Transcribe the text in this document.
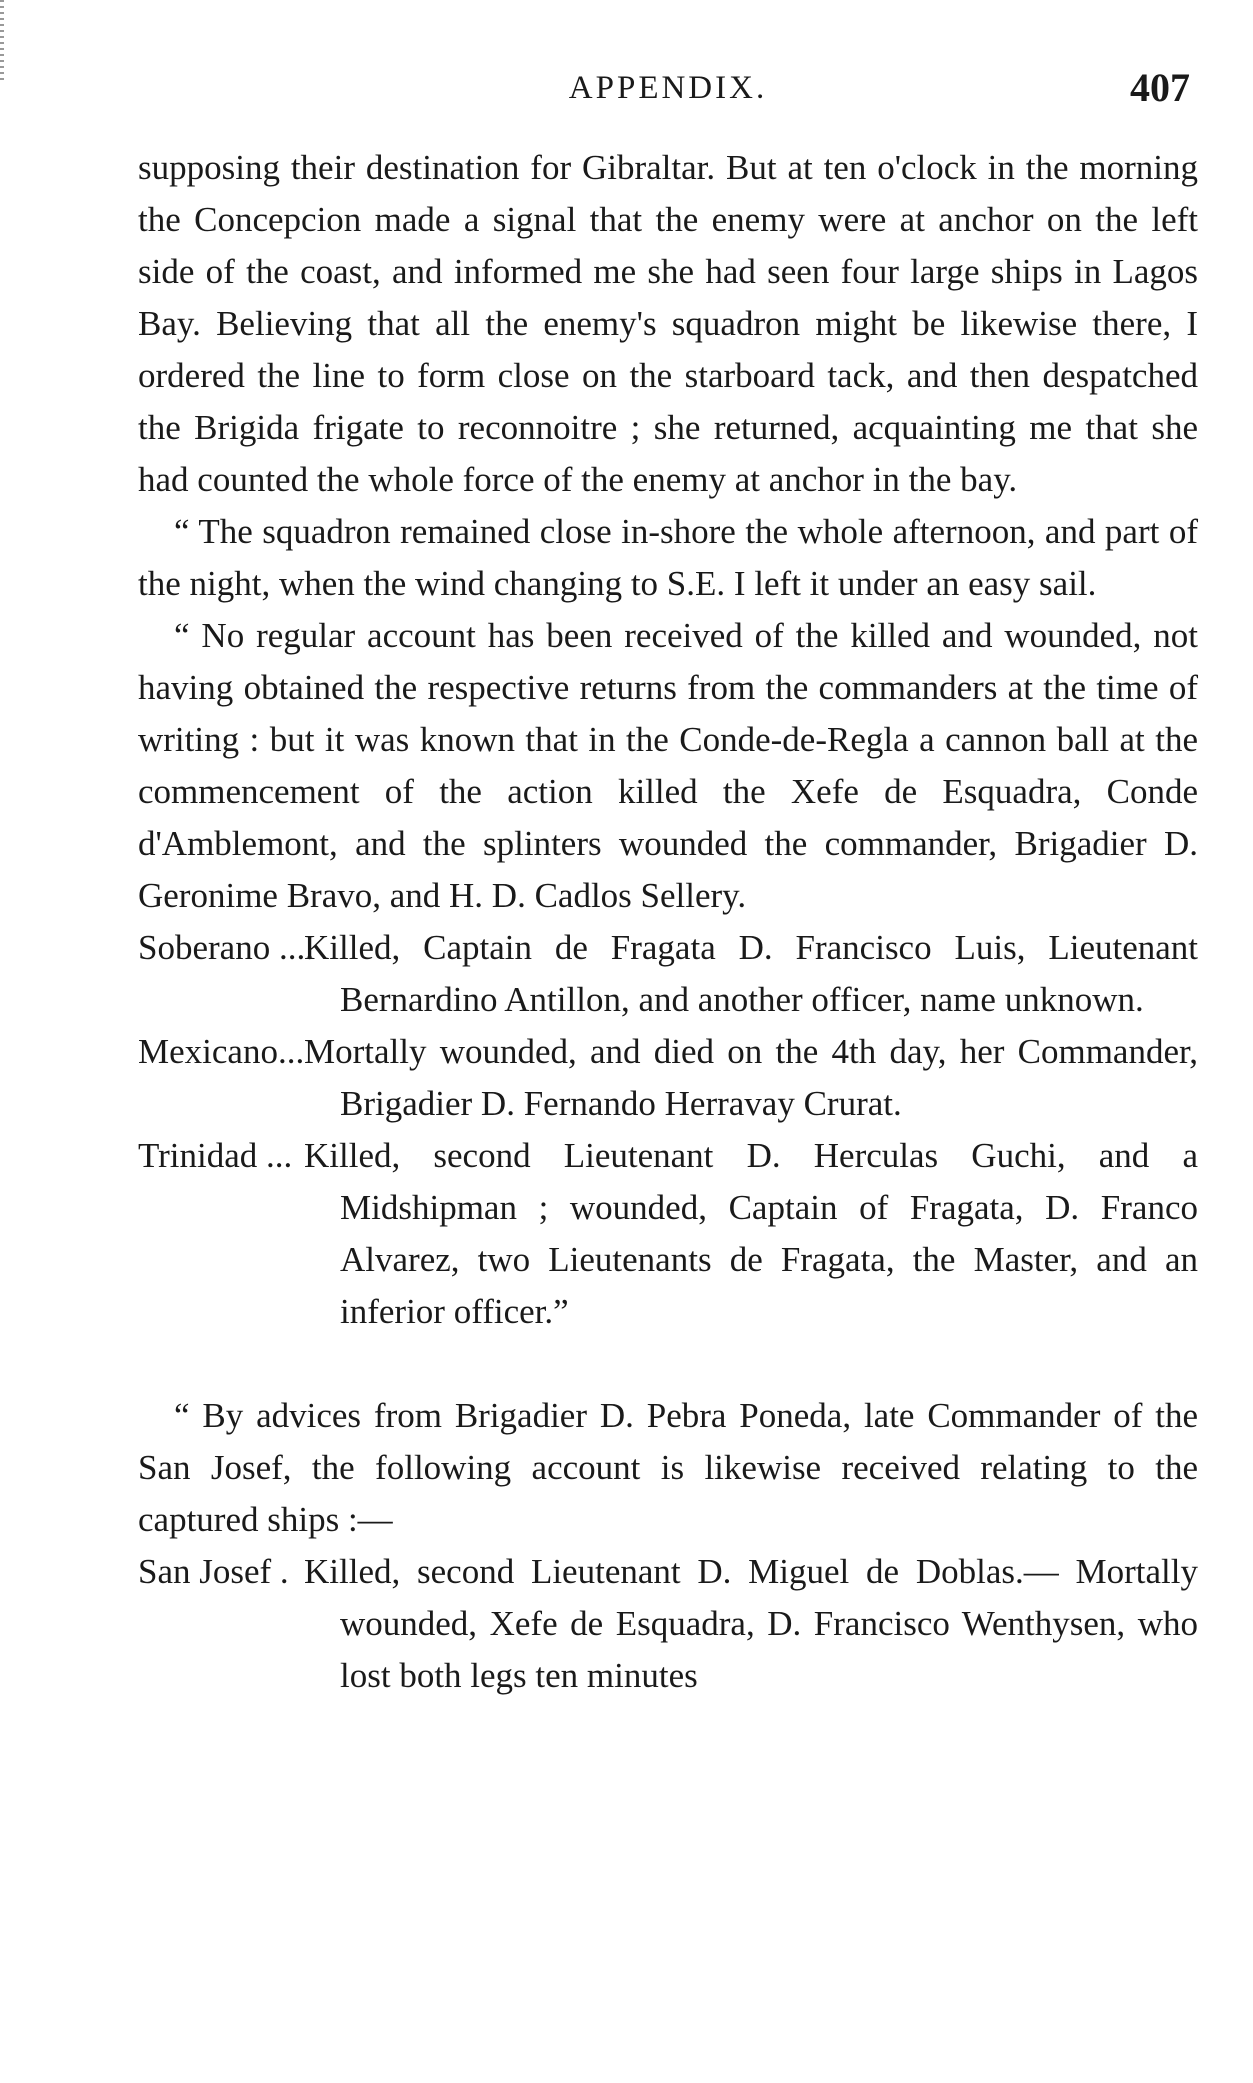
APPENDIX.	407

supposing their destination for Gibraltar. But at ten o'clock in the morning the Concepcion made a signal that the enemy were at anchor on the left side of the coast, and informed me she had seen four large ships in Lagos Bay. Believing that all the enemy's squadron might be likewise there, I ordered the line to form close on the starboard tack, and then despatched the Brigida frigate to reconnoitre ; she returned, acquainting me that she had counted the whole force of the enemy at anchor in the bay.

“ The squadron remained close in-shore the whole afternoon, and part of the night, when the wind changing to S.E. I left it under an easy sail.

“ No regular account has been received of the killed and wounded, not having obtained the respective returns from the commanders at the time of writing : but it was known that in the Conde-de-Regla a cannon ball at the commencement of the action killed the Xefe de Esquadra, Conde d'Amblemont, and the splinters wounded the commander, Brigadier D. Geronime Bravo, and H. D. Cadlos Sellery.

Soberano ....
Killed, Captain de Fragata D. Francisco Luis, Lieutenant Bernardino Antillon, and another officer, name unknown.
Mexicano... Mortally wounded, and died on the 4th day, her Commander, Brigadier D. Fernando Herravay Crurat.
Trinidad ... Killed, second Lieutenant D. Herculas Guchi, and a Midshipman ; wounded, Captain of Fragata, D. Franco Alvarez, two Lieutenants de Fragata, the Master, and an inferior officer.”

“ By advices from Brigadier D. Pebra Poneda, late Commander of the San Josef, the following account is likewise received relating to the captured ships :—

San Josef . Killed, second Lieutenant D. Miguel de Doblas.— Mortally wounded, Xefe de Esquadra, D. Francisco Wenthysen, who lost both legs ten minutes
